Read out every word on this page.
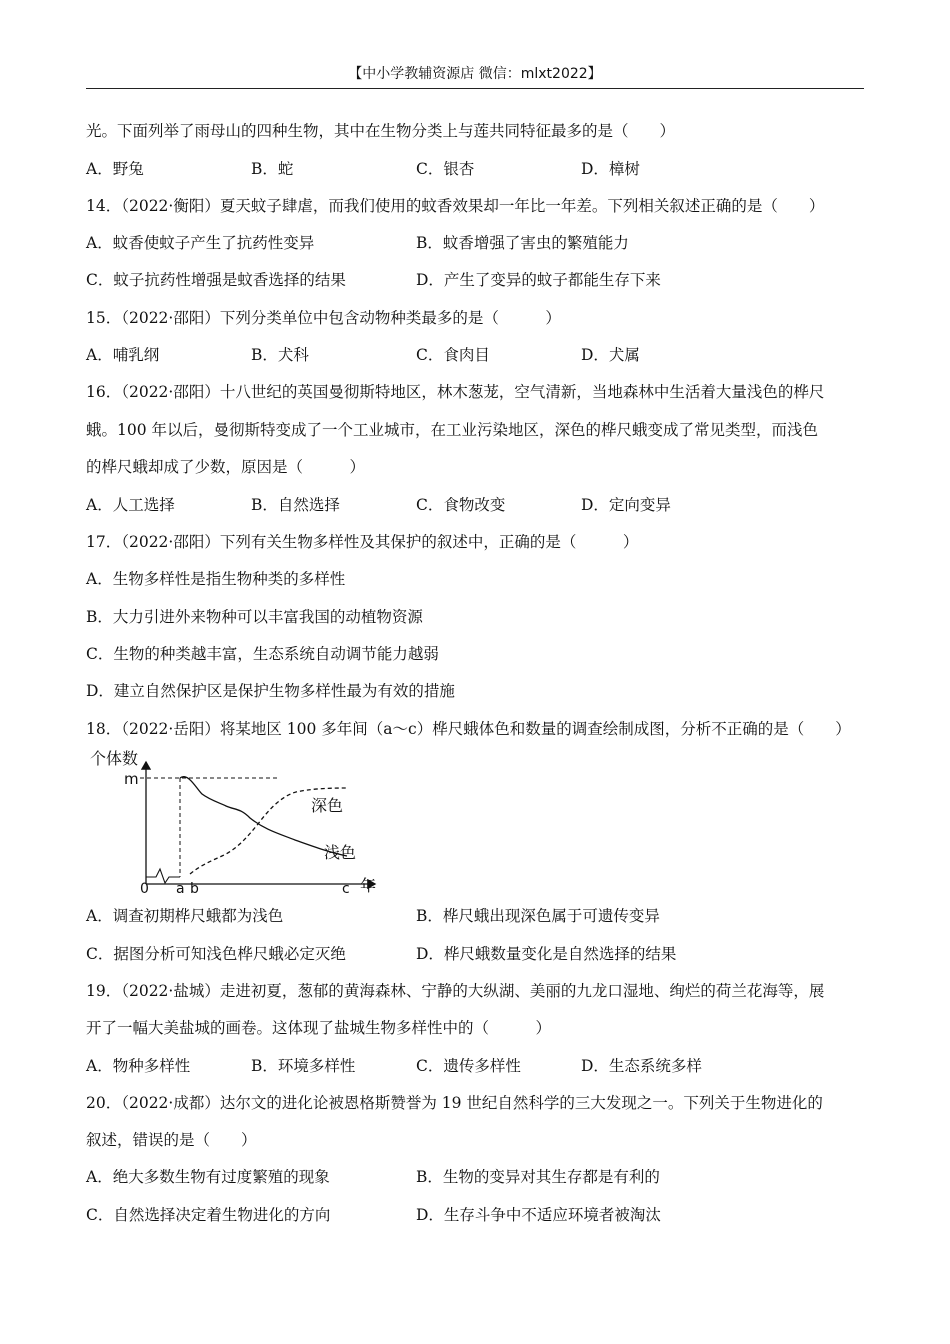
【中小学教辅资源店 微信：mlxt2022】
光。下面列举了雨母山的四种生物，其中在生物分类上与莲共同特征最多的是（　　）
A．野兔	B．蛇	C．银杏	D．樟树
14．（2022·衡阳）夏天蚊子肆虐，而我们使用的蚊香效果却一年比一年差。下列相关叙述正确的是（　　）
A．蚊香使蚊子产生了抗药性变异	B．蚊香增强了害虫的繁殖能力
C．蚊子抗药性增强是蚊香选择的结果	D．产生了变异的蚊子都能生存下来
15．（2022·邵阳）下列分类单位中包含动物种类最多的是（　　　）
A．哺乳纲	B．犬科	C．食肉目	D．犬属
16．（2022·邵阳）十八世纪的英国曼彻斯特地区，林木葱茏，空气清新，当地森林中生活着大量浅色的桦尺
蛾。100 年以后，曼彻斯特变成了一个工业城市，在工业污染地区，深色的桦尺蛾变成了常见类型，而浅色
的桦尺蛾却成了少数，原因是（　　　）
A．人工选择	B．自然选择	C．食物改变	D．定向变异
17．（2022·邵阳）下列有关生物多样性及其保护的叙述中，正确的是（　　　）
A．生物多样性是指生物种类的多样性
B．大力引进外来物种可以丰富我国的动植物资源
C．生物的种类越丰富，生态系统自动调节能力越弱
D．建立自然保护区是保护生物多样性最为有效的措施
18．（2022·岳阳）将某地区 100 多年间（a～c）桦尺蛾体色和数量的调查绘制成图，分析不正确的是（　　）
个体数
m
0 a b	c 年
深色
浅色
A．调查初期桦尺蛾都为浅色	B．桦尺蛾出现深色属于可遗传变异
C．据图分析可知浅色桦尺蛾必定灭绝	D．桦尺蛾数量变化是自然选择的结果
19．（2022·盐城）走进初夏，葱郁的黄海森林、宁静的大纵湖、美丽的九龙口湿地、绚烂的荷兰花海等，展
开了一幅大美盐城的画卷。这体现了盐城生物多样性中的（　　　）
A．物种多样性	B．环境多样性	C．遗传多样性	D．生态系统多样
20．（2022·成都）达尔文的进化论被恩格斯赞誉为 19 世纪自然科学的三大发现之一。下列关于生物进化的
叙述，错误的是（　　）
A．绝大多数生物有过度繁殖的现象	B．生物的变异对其生存都是有利的
C．自然选择决定着生物进化的方向	D．生存斗争中不适应环境者被淘汰
